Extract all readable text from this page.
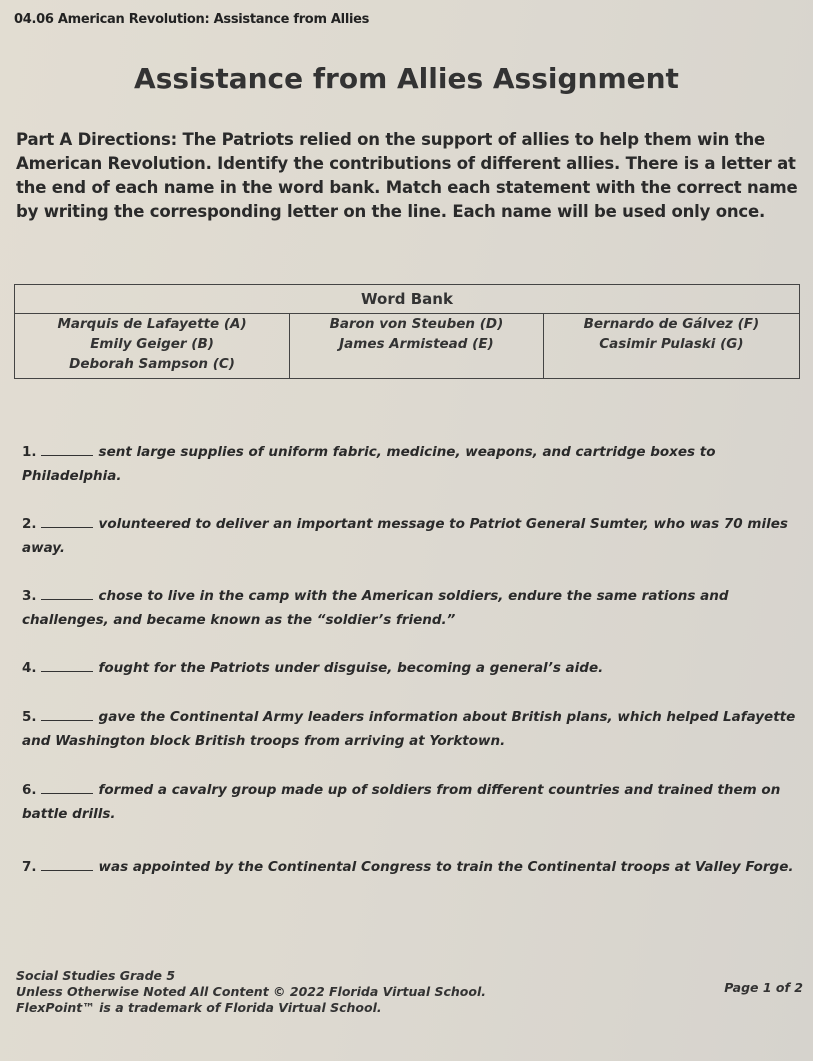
04.06 American Revolution: Assistance from Allies
Assistance from Allies Assignment
Part A Directions: The Patriots relied on the support of allies to help them win the American Revolution. Identify the contributions of different allies. There is a letter at the end of each name in the word bank. Match each statement with the correct name by writing the corresponding letter on the line. Each name will be used only once.
Word Bank		
Marquis de Lafayette (A)	Baron von Steuben (D)	Bernardo de Gálvez (F)
Emily Geiger (B)	James Armistead (E)	Casimir Pulaski (G)
Deborah Sampson (C)		
1.	sent large supplies of uniform fabric, medicine, weapons, and cartridge boxes to Philadelphia.
2.	volunteered to deliver an important message to Patriot General Sumter, who was 70 miles away.
3.	chose to live in the camp with the American soldiers, endure the same rations and challenges, and became known as the “soldier’s friend.”
4.	fought for the Patriots under disguise, becoming a general’s aide.
5.	gave the Continental Army leaders information about British plans, which helped Lafayette and Washington block British troops from arriving at Yorktown.
6.	formed a cavalry group made up of soldiers from different countries and trained them on battle drills.
7.	was appointed by the Continental Congress to train the Continental troops at Valley Forge.
Social Studies Grade 5
Unless Otherwise Noted All Content © 2022 Florida Virtual School.
FlexPoint™ is a trademark of Florida Virtual School.
Page 1 of 2
